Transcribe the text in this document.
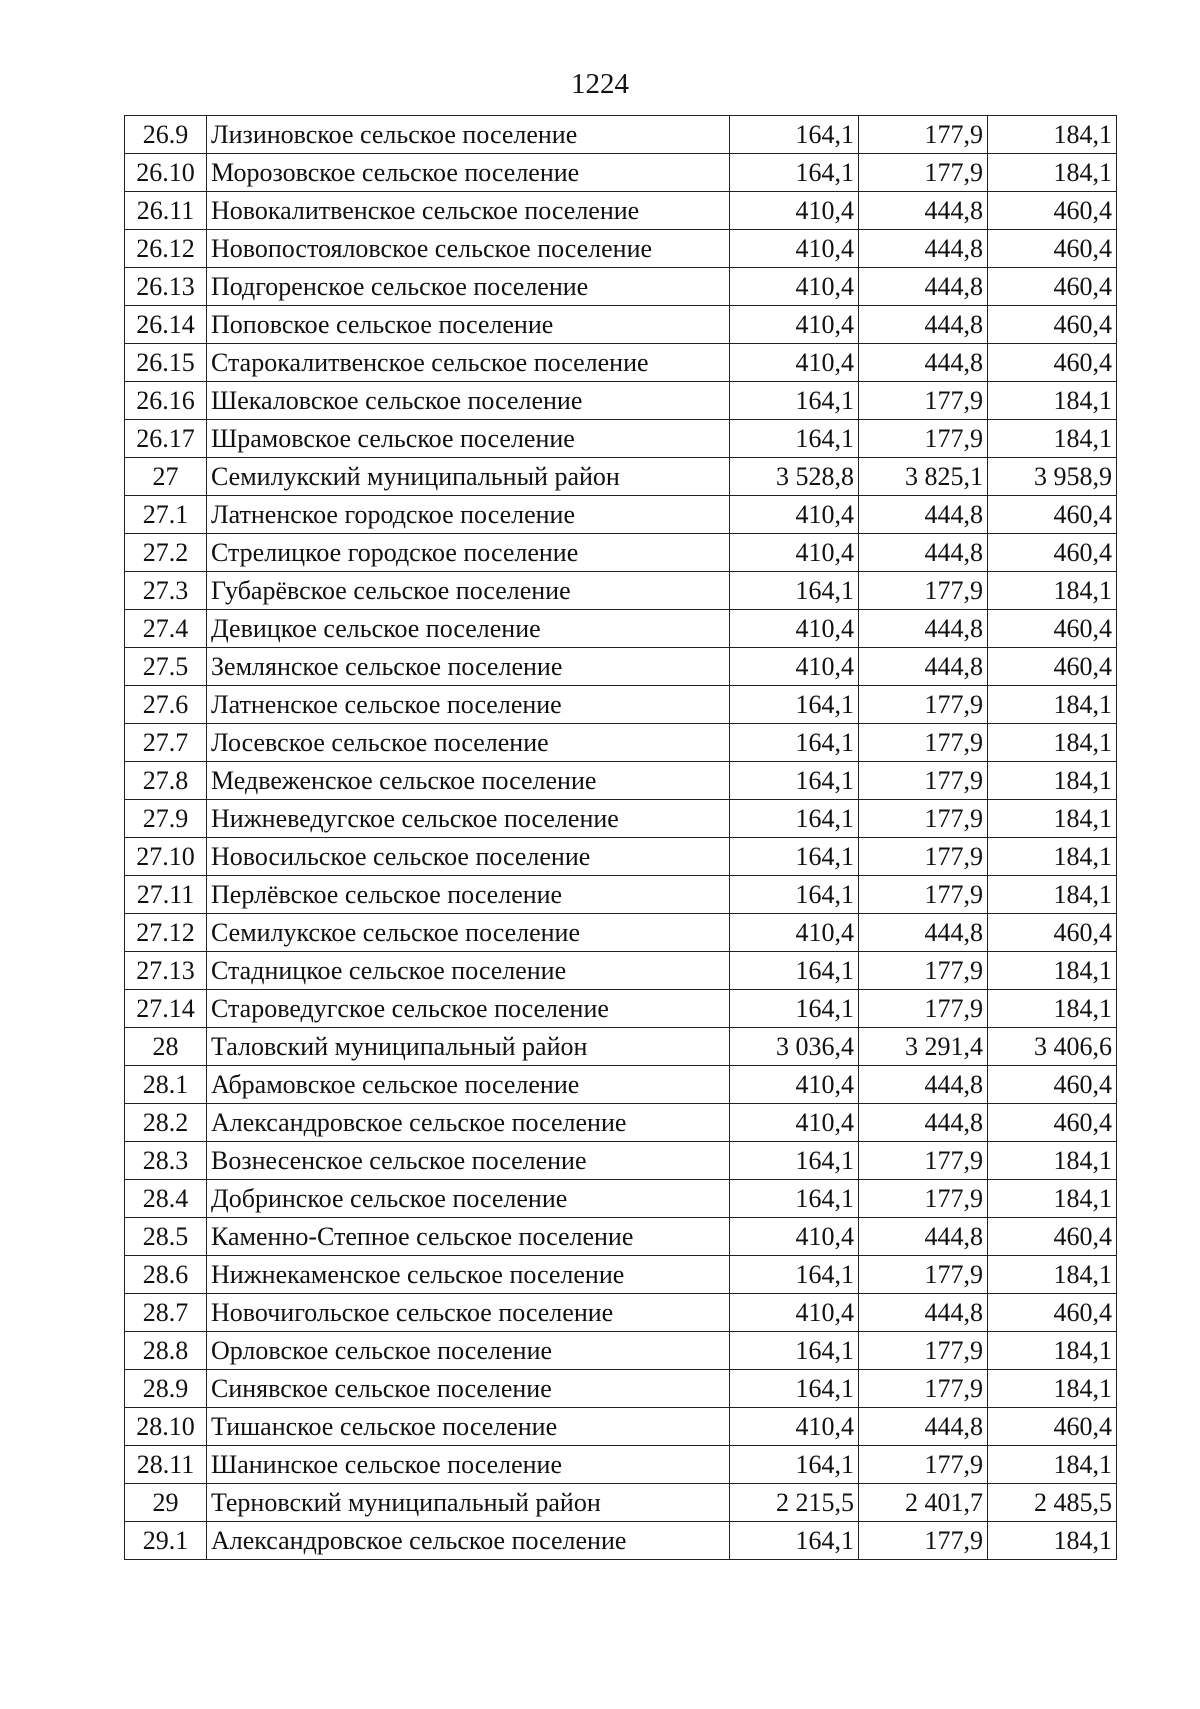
1224
26.9	Лизиновское сельское поселение	164,1	177,9	184,1
26.10	Морозовское сельское поселение	164,1	177,9	184,1
26.11	Новокалитвенское сельское поселение	410,4	444,8	460,4
26.12	Новопостояловское сельское поселение	410,4	444,8	460,4
26.13	Подгоренское сельское поселение	410,4	444,8	460,4
26.14	Поповское сельское поселение	410,4	444,8	460,4
26.15	Старокалитвенское сельское поселение	410,4	444,8	460,4
26.16	Шекаловское сельское поселение	164,1	177,9	184,1
26.17	Шрамовское сельское поселение	164,1	177,9	184,1
27	Семилукский муниципальный район	3 528,8	3 825,1	3 958,9
27.1	Латненское городское поселение	410,4	444,8	460,4
27.2	Стрелицкое городское поселение	410,4	444,8	460,4
27.3	Губарёвское сельское поселение	164,1	177,9	184,1
27.4	Девицкое сельское поселение	410,4	444,8	460,4
27.5	Землянское сельское поселение	410,4	444,8	460,4
27.6	Латненское сельское поселение	164,1	177,9	184,1
27.7	Лосевское сельское поселение	164,1	177,9	184,1
27.8	Медвеженское сельское поселение	164,1	177,9	184,1
27.9	Нижневедугское сельское поселение	164,1	177,9	184,1
27.10	Новосильское сельское поселение	164,1	177,9	184,1
27.11	Перлёвское сельское поселение	164,1	177,9	184,1
27.12	Семилукское сельское поселение	410,4	444,8	460,4
27.13	Стадницкое сельское поселение	164,1	177,9	184,1
27.14	Староведугское сельское поселение	164,1	177,9	184,1
28	Таловский муниципальный район	3 036,4	3 291,4	3 406,6
28.1	Абрамовское сельское поселение	410,4	444,8	460,4
28.2	Александровское сельское поселение	410,4	444,8	460,4
28.3	Вознесенское сельское поселение	164,1	177,9	184,1
28.4	Добринское сельское поселение	164,1	177,9	184,1
28.5	Каменно-Степное сельское поселение	410,4	444,8	460,4
28.6	Нижнекаменское сельское поселение	164,1	177,9	184,1
28.7	Новочигольское сельское поселение	410,4	444,8	460,4
28.8	Орловское сельское поселение	164,1	177,9	184,1
28.9	Синявское сельское поселение	164,1	177,9	184,1
28.10	Тишанское сельское поселение	410,4	444,8	460,4
28.11	Шанинское сельское поселение	164,1	177,9	184,1
29	Терновский муниципальный район	2 215,5	2 401,7	2 485,5
29.1	Александровское сельское поселение	164,1	177,9	184,1
